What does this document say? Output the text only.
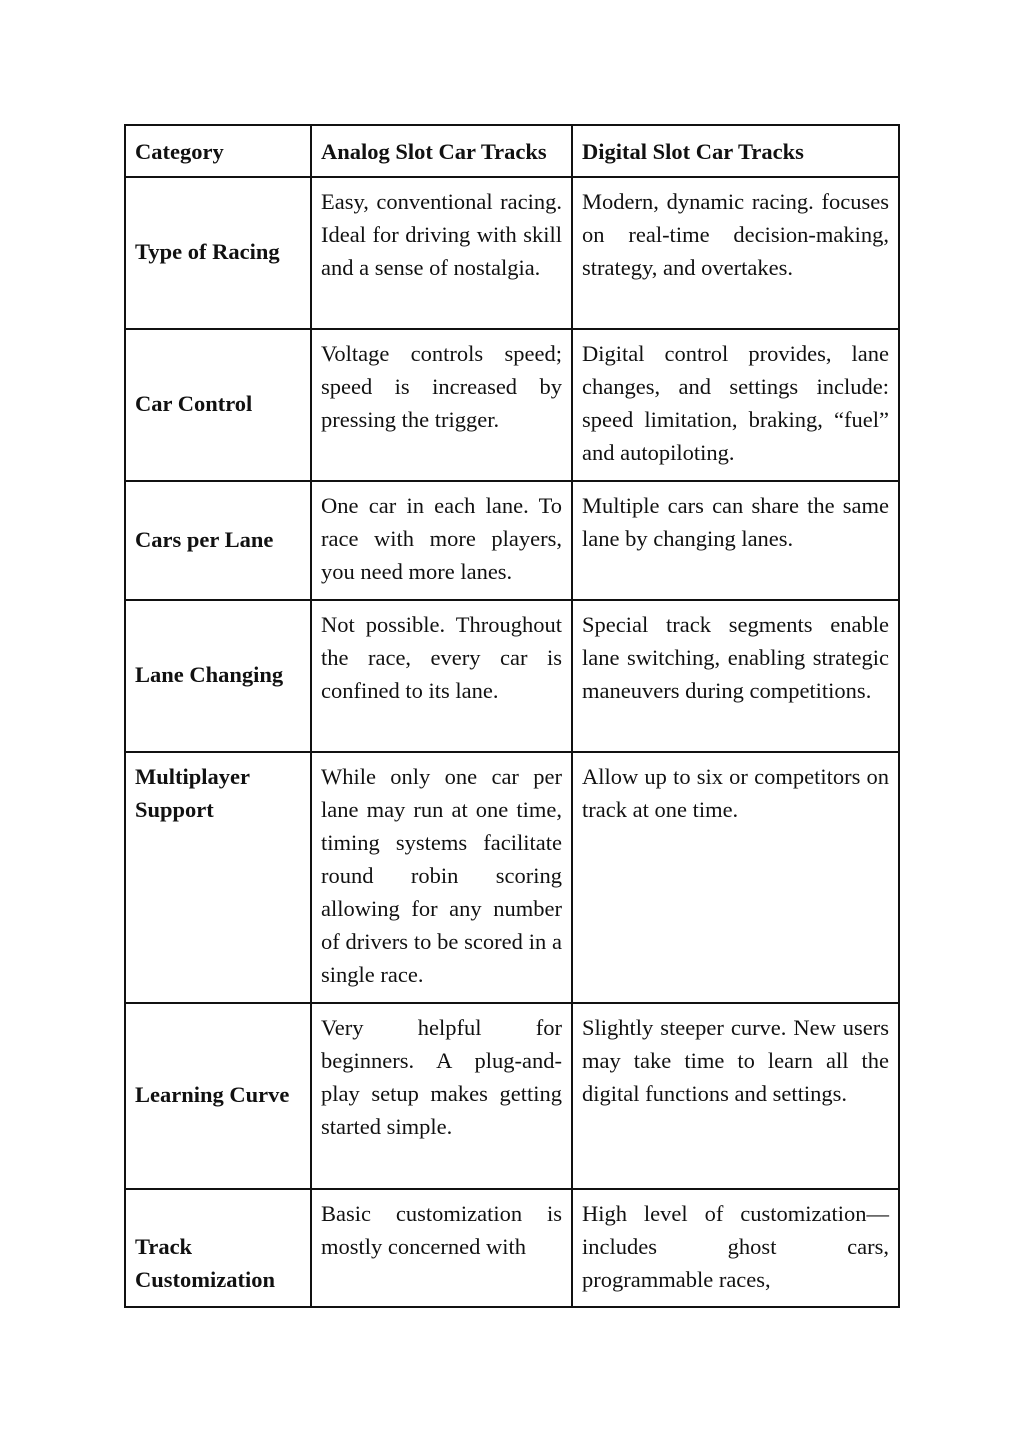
Category	Analog Slot Car Tracks	Digital Slot Car Tracks
Type of Racing	Easy, conventional racing. Ideal for driving with skill and a sense of nostalgia.	Modern, dynamic racing. focuses on real-time decision-making, strategy, and overtakes.
Car Control	Voltage controls speed; speed is increased by pressing the trigger.	Digital control provides, lane changes, and settings include: speed limitation, braking, “fuel” and autopiloting.
Cars per Lane	One car in each lane. To race with more players, you need more lanes.	Multiple cars can share the same lane by changing lanes.
Lane Changing	Not possible. Throughout the race, every car is confined to its lane.	Special track segments enable lane switching, enabling strategic maneuvers during competitions.
Multiplayer Support	While only one car per lane may run at one time, timing systems facilitate round robin scoring allowing for any number of drivers to be scored in a single race.	Allow up to six or competitors on track at one time.
Learning Curve	Very helpful for beginners. A plug-and-play setup makes getting started simple.	Slightly steeper curve. New users may take time to learn all the digital functions and settings.
Track Customization	Basic customization is mostly concerned with	High level of customization—includes ghost cars, programmable races,
